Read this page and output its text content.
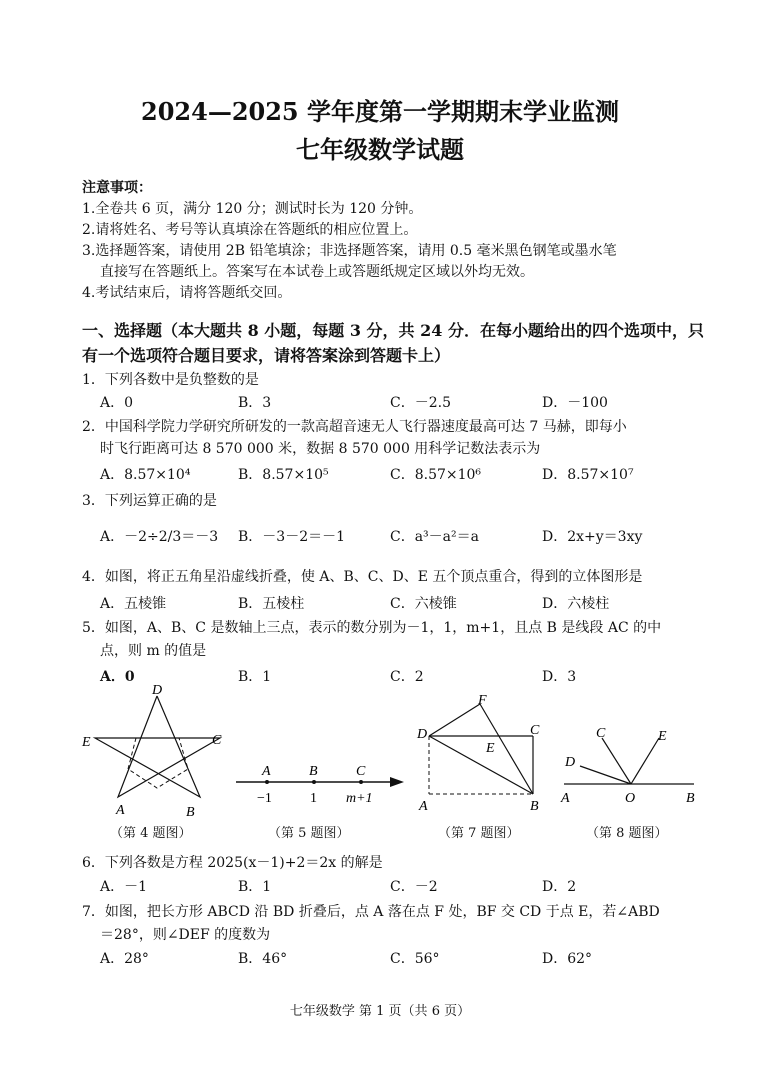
2024—2025 学年度第一学期期末学业监测
七年级数学试题
注意事项：
1.全卷共 6 页，满分 120 分；测试时长为 120 分钟。
2.请将姓名、考号等认真填涂在答题纸的相应位置上。
3.选择题答案，请使用 2B 铅笔填涂；非选择题答案，请用 0.5 毫米黑色钢笔或墨水笔
直接写在答题纸上。答案写在本试卷上或答题纸规定区域以外均无效。
4.考试结束后，请将答题纸交回。
一、选择题（本大题共 8 小题，每题 3 分，共 24 分．在每小题给出的四个选项中，只
有一个选项符合题目要求，请将答案涂到答题卡上）
1．下列各数中是负整数的是
A．0	B．3	C．－2.5	D．－100
2．中国科学院力学研究所研发的一款高超音速无人飞行器速度最高可达 7 马赫，即每小
时飞行距离可达 8 570 000 米，数据 8 570 000 用科学记数法表示为
A．8.57×10⁴	B．8.57×10⁵	C．8.57×10⁶	D．8.57×10⁷
3．下列运算正确的是
A．－2÷2/3＝－3 B．－3－2＝－1	C．a³－a²＝a	D．2x+y＝3xy
4．如图，将正五角星沿虚线折叠，使 A、B、C、D、E 五个顶点重合，得到的立体图形是
A．五棱锥	B．五棱柱	C．六棱锥	D．六棱柱
5．如图，A、B、C 是数轴上三点，表示的数分别为－1，1，m+1，且点 B 是线段 AC 的中
点，则 m 的值是
A．0	B．1	C．2	D．3
D
E	C
A	B
（第 4 题图）
A	B	C
−1	1 m+1
（第 5 题图）
F
D	C
E
A	B
（第 7 题图）
C	E
D
A	O	B
（第 8 题图）
6．下列各数是方程 2025(x－1)+2＝2x 的解是
A．－1	B．1	C．－2	D．2
7．如图，把长方形 ABCD 沿 BD 折叠后，点 A 落在点 F 处，BF 交 CD 于点 E，若∠ABD
＝28°，则∠DEF 的度数为
A．28°	B．46°	C．56°	D．62°
七年级数学 第 1 页（共 6 页）
